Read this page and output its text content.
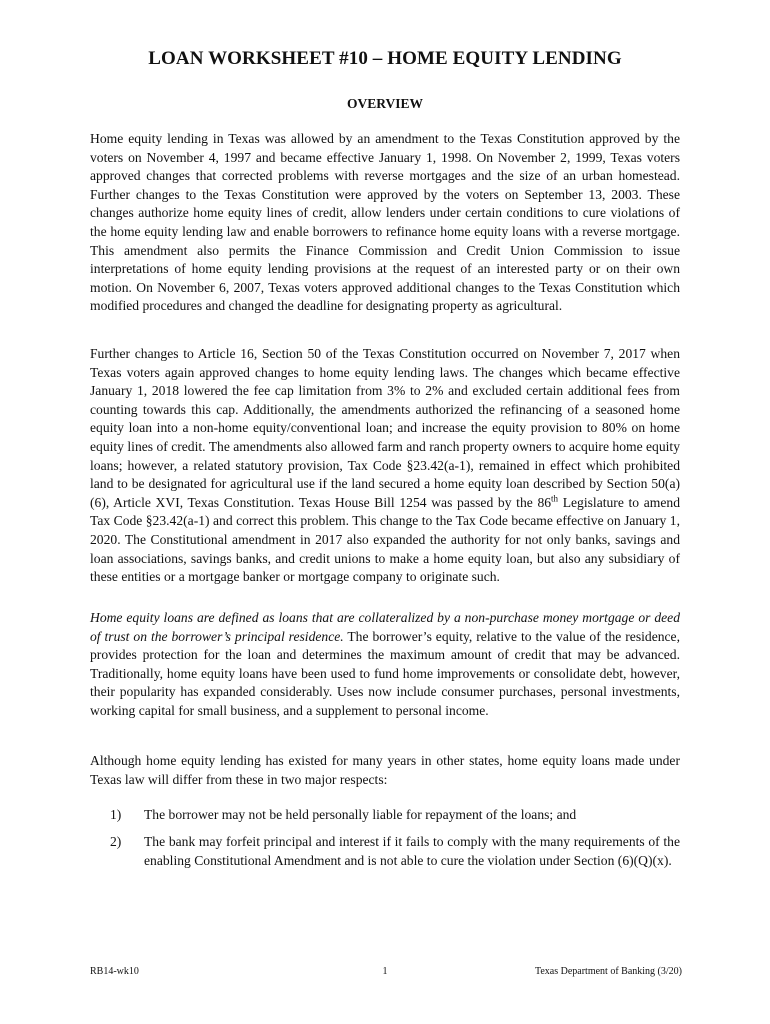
LOAN WORKSHEET #10 – HOME EQUITY LENDING
OVERVIEW

Home equity lending in Texas was allowed by an amendment to the Texas Constitution approved by the voters on November 4, 1997 and became effective January 1, 1998. On November 2, 1999, Texas voters approved changes that corrected problems with reverse mortgages and the size of an urban homestead. Further changes to the Texas Constitution were approved by the voters on September 13, 2003. These changes authorize home equity lines of credit, allow lenders under certain conditions to cure violations of the home equity lending law and enable borrowers to refinance home equity loans with a reverse mortgage. This amendment also permits the Finance Commission and Credit Union Commission to issue interpretations of home equity lending provisions at the request of an interested party or on their own motion. On November 6, 2007, Texas voters approved additional changes to the Texas Constitution which modified procedures and changed the deadline for designating property as agricultural.

Further changes to Article 16, Section 50 of the Texas Constitution occurred on November 7, 2017 when Texas voters again approved changes to home equity lending laws. The changes which became effective January 1, 2018 lowered the fee cap limitation from 3% to 2% and excluded certain additional fees from counting towards this cap. Additionally, the amendments authorized the refinancing of a seasoned home equity loan into a non-home equity/conventional loan; and increase the equity provision to 80% on home equity lines of credit. The amendments also allowed farm and ranch property owners to acquire home equity loans; however, a related statutory provision, Tax Code §23.42(a-1), remained in effect which prohibited land to be designated for agricultural use if the land secured a home equity loan described by Section 50(a)(6), Article XVI, Texas Constitution. Texas House Bill 1254 was passed by the 86th Legislature to amend Tax Code §23.42(a-1) and correct this problem. This change to the Tax Code became effective on January 1, 2020. The Constitutional amendment in 2017 also expanded the authority for not only banks, savings and loan associations, savings banks, and credit unions to make a home equity loan, but also any subsidiary of these entities or a mortgage banker or mortgage company to originate such.

Home equity loans are defined as loans that are collateralized by a non-purchase money mortgage or deed of trust on the borrower’s principal residence. The borrower’s equity, relative to the value of the residence, provides protection for the loan and determines the maximum amount of credit that may be advanced. Traditionally, home equity loans have been used to fund home improvements or consolidate debt, however, their popularity has expanded considerably. Uses now include consumer purchases, personal investments, working capital for small business, and a supplement to personal income.

Although home equity lending has existed for many years in other states, home equity loans made under Texas law will differ from these in two major respects:

1)	The borrower may not be held personally liable for repayment of the loans; and
2)	The bank may forfeit principal and interest if it fails to comply with the many requirements of the enabling Constitutional Amendment and is not able to cure the violation under Section (6)(Q)(x).
RB14-wk10	1	Texas Department of Banking (3/20)
